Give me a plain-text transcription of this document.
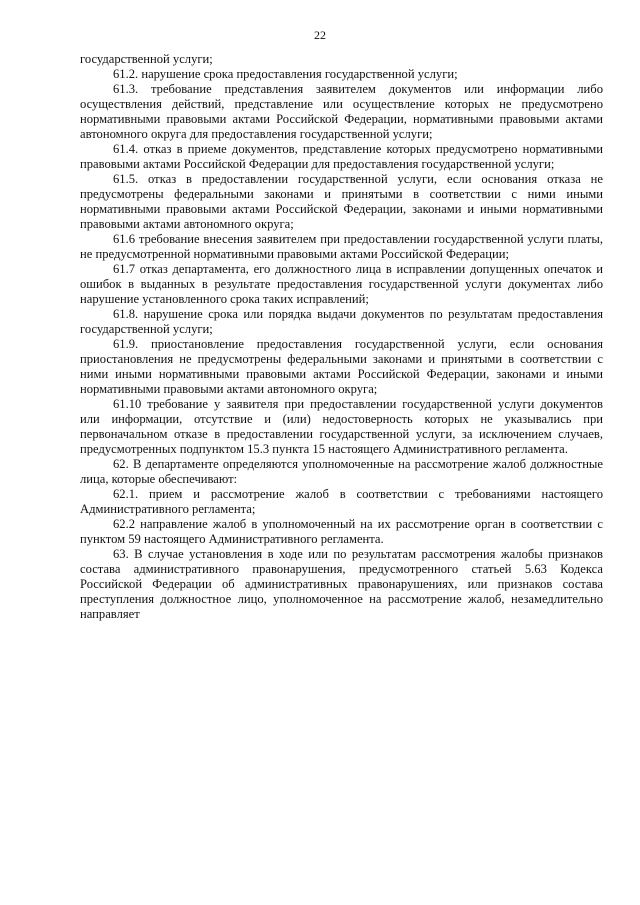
22

государственной услуги;

61.2. нарушение срока предоставления государственной услуги;

61.3. требование представления заявителем документов или информации либо осуществления действий, представление или осуществление которых не предусмотрено нормативными правовыми актами Российской Федерации, нормативными правовыми актами автономного округа для предоставления государственной услуги;

61.4. отказ в приеме документов, представление которых предусмотрено нормативными правовыми актами Российской Федерации для предоставления государственной услуги;

61.5. отказ в предоставлении государственной услуги, если основания отказа не предусмотрены федеральными законами и принятыми в соответствии с ними иными нормативными правовыми актами Российской Федерации, законами и иными нормативными правовыми актами автономного округа;

61.6 требование внесения заявителем при предоставлении государственной услуги платы, не предусмотренной нормативными правовыми актами Российской Федерации;

61.7 отказ департамента, его должностного лица в исправлении допущенных опечаток и ошибок в выданных в результате предоставления государственной услуги документах либо нарушение установленного срока таких исправлений;

61.8. нарушение срока или порядка выдачи документов по результатам предоставления государственной услуги;

61.9. приостановление предоставления государственной услуги, если основания приостановления не предусмотрены федеральными законами и принятыми в соответствии с ними иными нормативными правовыми актами Российской Федерации, законами и иными нормативными правовыми актами автономного округа;

61.10 требование у заявителя при предоставлении государственной услуги документов или информации, отсутствие и (или) недостоверность которых не указывались при первоначальном отказе в предоставлении государственной услуги, за исключением случаев, предусмотренных подпунктом 15.3 пункта 15 настоящего Административного регламента.

62. В департаменте определяются уполномоченные на рассмотрение жалоб должностные лица, которые обеспечивают:

62.1. прием и рассмотрение жалоб в соответствии с требованиями настоящего Административного регламента;

62.2 направление жалоб в уполномоченный на их рассмотрение орган в соответствии с пунктом 59 настоящего Административного регламента.

63. В случае установления в ходе или по результатам рассмотрения жалобы признаков состава административного правонарушения, предусмотренного статьей 5.63 Кодекса Российской Федерации об административных правонарушениях, или признаков состава преступления должностное лицо, уполномоченное на рассмотрение жалоб, незамедлительно направляет
